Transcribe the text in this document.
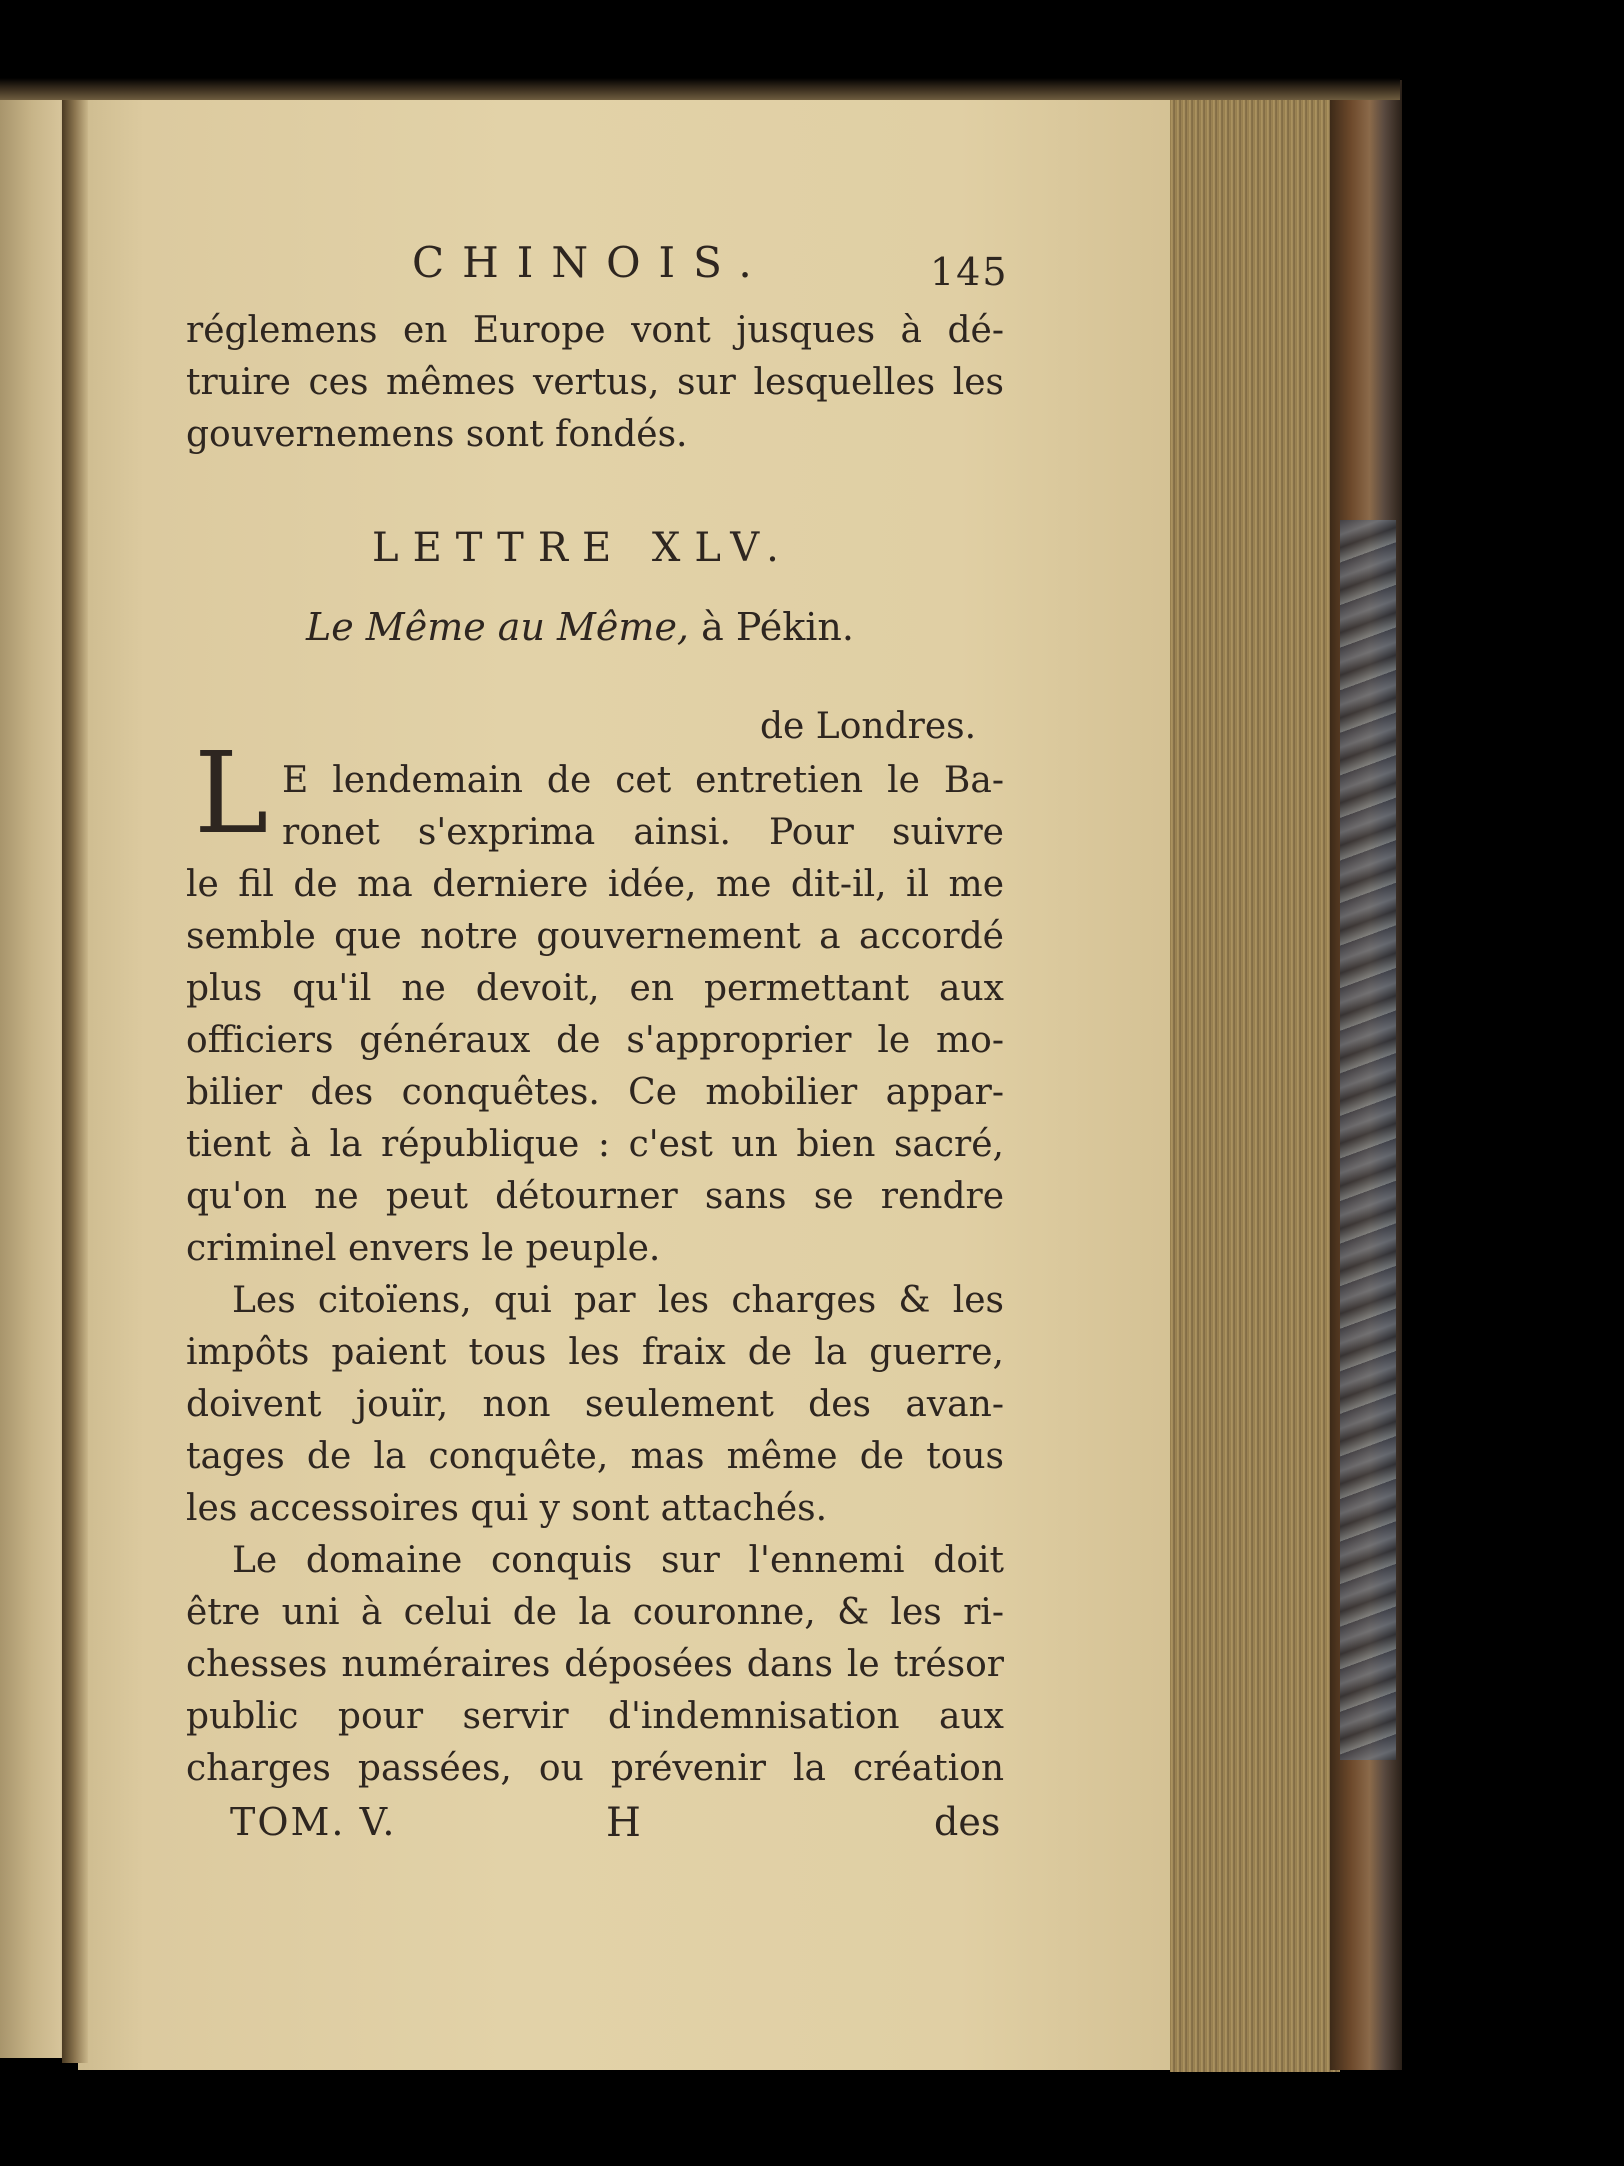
CHINOIS.	145
réglemens en Europe vont jusques à dé-
truire ces mêmes vertus, sur lesquelles les
gouvernemens sont fondés.
LETTRE XLV.
Le Même au Même, à Pékin.
de Londres.
L E lendemain de cet entretien le Ba-
ronet s'exprima ainsi. Pour suivre
le fil de ma derniere idée, me dit-il, il me
semble que notre gouvernement a accordé
plus qu'il ne devoit, en permettant aux
officiers généraux de s'approprier le mo-
bilier des conquêtes. Ce mobilier appar-
tient à la république : c'est un bien sacré,
qu'on ne peut détourner sans se rendre
criminel envers le peuple.
Les citoïens, qui par les charges & les
impôts paient tous les fraix de la guerre,
doivent jouïr, non seulement des avan-
tages de la conquête, mas même de tous
les accessoires qui y sont attachés.
Le domaine conquis sur l'ennemi doit
être uni à celui de la couronne, & les ri-
chesses numéraires déposées dans le trésor
public pour servir d'indemnisation aux
charges passées, ou prévenir la création
TOM. V.	H	des
